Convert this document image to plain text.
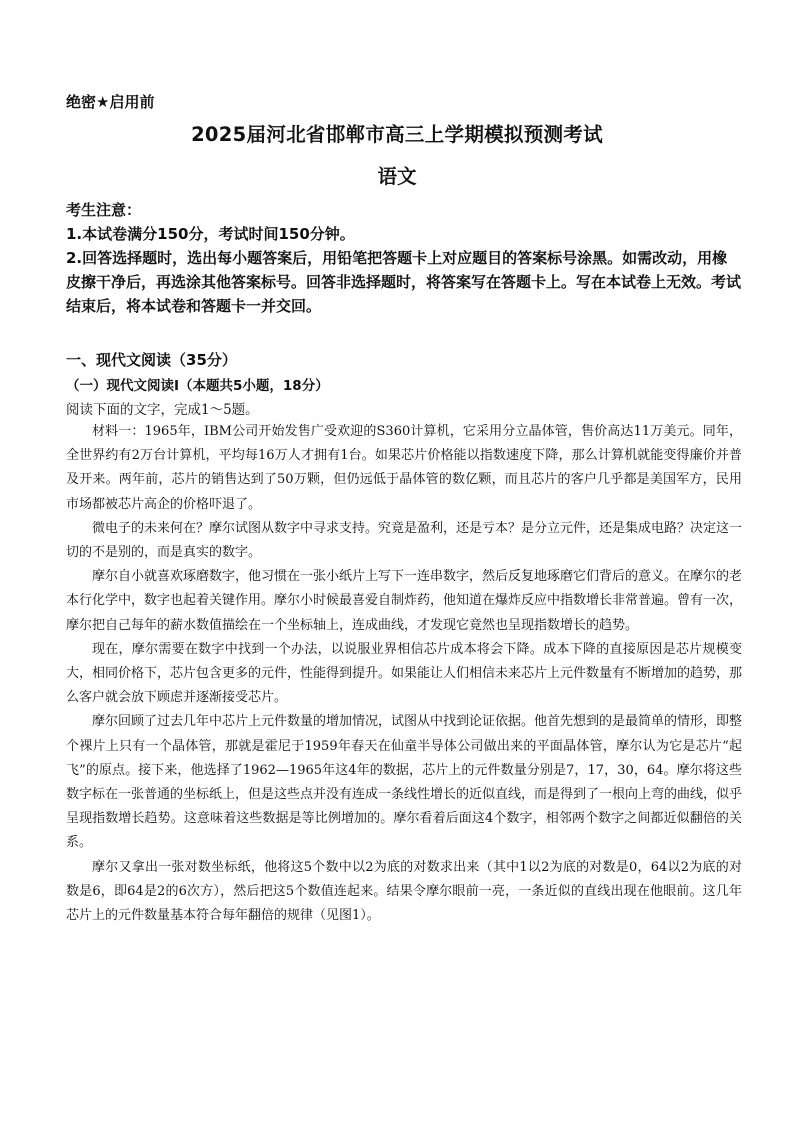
绝密★启用前
2025届河北省邯郸市高三上学期模拟预测考试
语文

考生注意：

1.本试卷满分150分，考试时间150分钟。

2.回答选择题时，选出每小题答案后，用铅笔把答题卡上对应题目的答案标号涂黑。如需改动，用橡皮擦干净后，再选涂其他答案标号。回答非选择题时，将答案写在答题卡上。写在本试卷上无效。考试结束后，将本试卷和答题卡一并交回。

一、现代文阅读（35分）
（一）现代文阅读Ⅰ（本题共5小题，18分）
阅读下面的文字，完成1～5题。

材料一：1965年，IBM公司开始发售广受欢迎的S360计算机，它采用分立晶体管，售价高达11万美元。同年，全世界约有2万台计算机，平均每16万人才拥有1台。如果芯片价格能以指数速度下降，那么计算机就能变得廉价并普及开来。两年前，芯片的销售达到了50万颗，但仍远低于晶体管的数亿颗，而且芯片的客户几乎都是美国军方，民用市场都被芯片高企的价格吓退了。

微电子的未来何在？摩尔试图从数字中寻求支持。究竟是盈利，还是亏本？是分立元件，还是集成电路？决定这一切的不是别的，而是真实的数字。

摩尔自小就喜欢琢磨数字，他习惯在一张小纸片上写下一连串数字，然后反复地琢磨它们背后的意义。在摩尔的老本行化学中，数字也起着关键作用。摩尔小时候最喜爱自制炸药，他知道在爆炸反应中指数增长非常普遍。曾有一次，摩尔把自己每年的薪水数值描绘在一个坐标轴上，连成曲线，才发现它竟然也呈现指数增长的趋势。

现在，摩尔需要在数字中找到一个办法，以说服业界相信芯片成本将会下降。成本下降的直接原因是芯片规模变大，相同价格下，芯片包含更多的元件，性能得到提升。如果能让人们相信未来芯片上元件数量有不断增加的趋势，那么客户就会放下顾虑并逐渐接受芯片。

摩尔回顾了过去几年中芯片上元件数量的增加情况，试图从中找到论证依据。他首先想到的是最简单的情形，即整个裸片上只有一个晶体管，那就是霍尼于1959年春天在仙童半导体公司做出来的平面晶体管，摩尔认为它是芯片“起飞”的原点。接下来，他选择了1962—1965年这4年的数据，芯片上的元件数量分别是7，17，30，64。摩尔将这些数字标在一张普通的坐标纸上，但是这些点并没有连成一条线性增长的近似直线，而是得到了一根向上弯的曲线，似乎呈现指数增长趋势。这意味着这些数据是等比例增加的。摩尔看着后面这4个数字，相邻两个数字之间都近似翻倍的关系。

摩尔又拿出一张对数坐标纸，他将这5个数中以2为底的对数求出来（其中1以2为底的对数是0，64以2为底的对数是6，即64是2的6次方），然后把这5个数值连起来。结果令摩尔眼前一亮，一条近似的直线出现在他眼前。这几年芯片上的元件数量基本符合每年翻倍的规律（见图1）。
